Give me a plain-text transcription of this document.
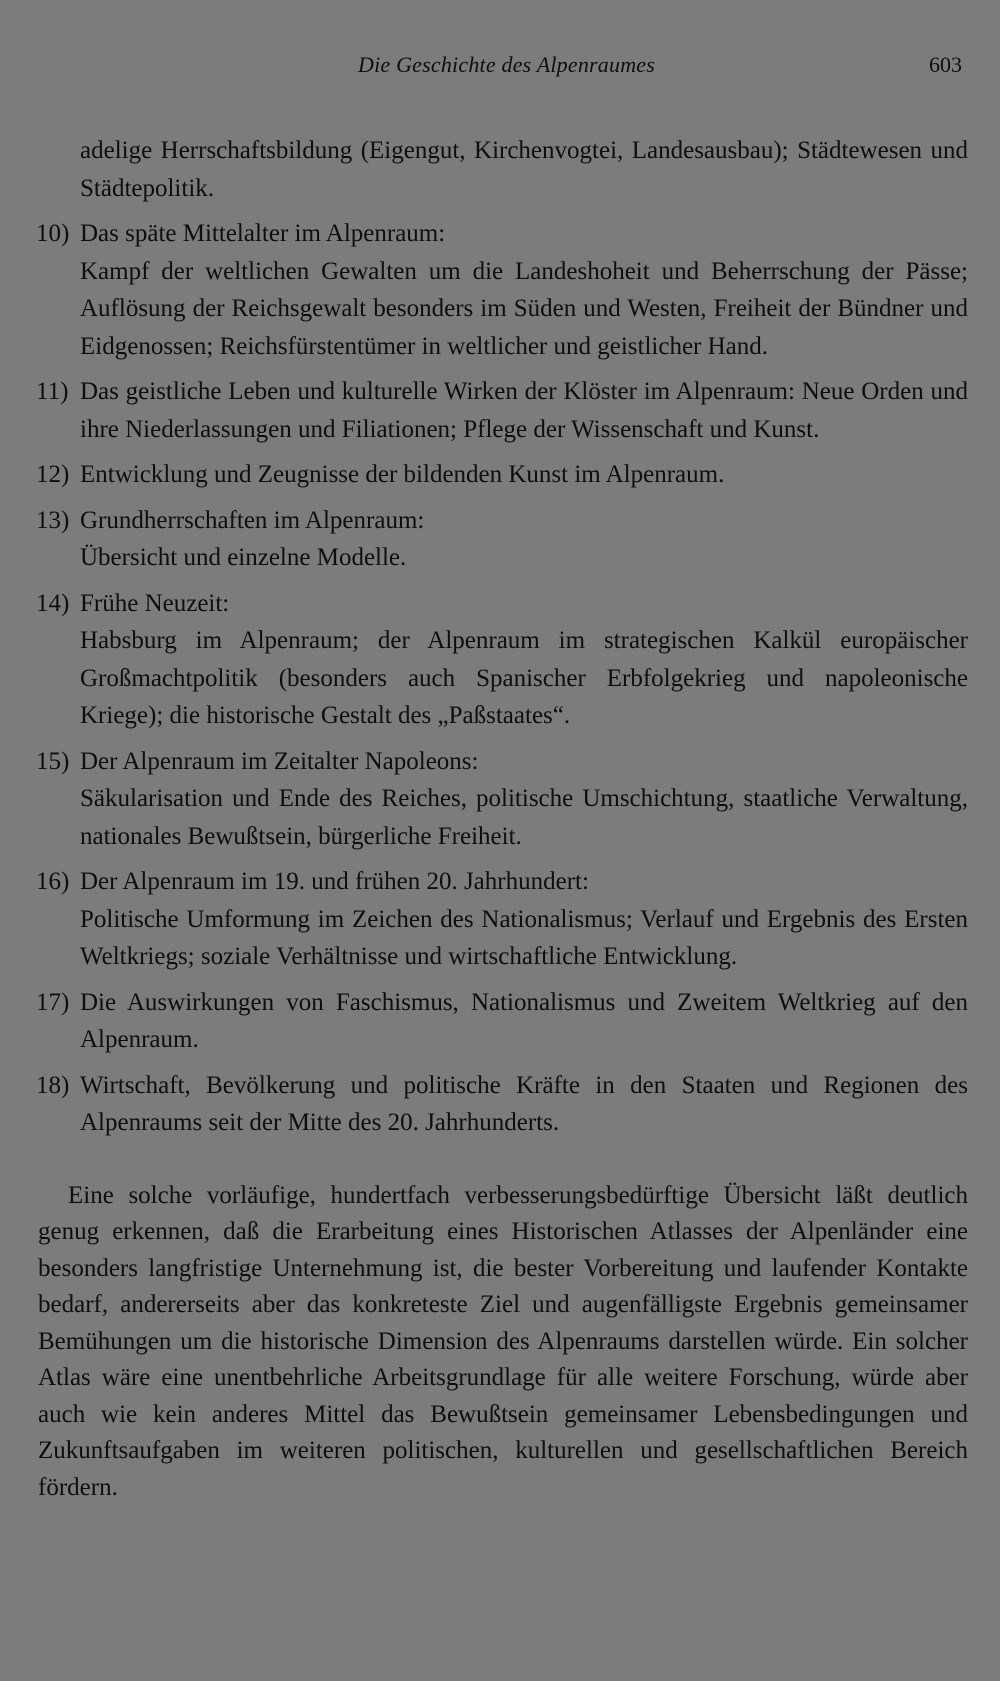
Die Geschichte des Alpenraumes	603

adelige Herrschaftsbildung (Eigengut, Kirchenvogtei, Landesausbau); Städtewesen und Städtepolitik.

10) Das späte Mittelalter im Alpenraum:
Kampf der weltlichen Gewalten um die Landeshoheit und Beherrschung der Pässe; Auflösung der Reichsgewalt besonders im Süden und Westen, Freiheit der Bündner und Eidgenossen; Reichsfürstentümer in weltlicher und geistlicher Hand.
11) Das geistliche Leben und kulturelle Wirken der Klöster im Alpenraum: Neue Orden und ihre Niederlassungen und Filiationen; Pflege der Wissenschaft und Kunst.
12) Entwicklung und Zeugnisse der bildenden Kunst im Alpenraum.
13) Grundherrschaften im Alpenraum:
Übersicht und einzelne Modelle.
14) Frühe Neuzeit:
Habsburg im Alpenraum; der Alpenraum im strategischen Kalkül europäischer Großmachtpolitik (besonders auch Spanischer Erbfolgekrieg und napoleonische Kriege); die historische Gestalt des „Paßstaates“.
15) Der Alpenraum im Zeitalter Napoleons:
Säkularisation und Ende des Reiches, politische Umschichtung, staatliche Verwaltung, nationales Bewußtsein, bürgerliche Freiheit.
16) Der Alpenraum im 19. und frühen 20. Jahrhundert:
Politische Umformung im Zeichen des Nationalismus; Verlauf und Ergebnis des Ersten Weltkriegs; soziale Verhältnisse und wirtschaftliche Entwicklung.
17) Die Auswirkungen von Faschismus, Nationalismus und Zweitem Weltkrieg auf den Alpenraum.
18) Wirtschaft, Bevölkerung und politische Kräfte in den Staaten und Regionen des Alpenraums seit der Mitte des 20. Jahrhunderts.

Eine solche vorläufige, hundertfach verbesserungsbedürftige Übersicht läßt deutlich genug erkennen, daß die Erarbeitung eines Historischen Atlasses der Alpenländer eine besonders langfristige Unternehmung ist, die bester Vorbereitung und laufender Kontakte bedarf, andererseits aber das konkreteste Ziel und augenfälligste Ergebnis gemeinsamer Bemühungen um die historische Dimension des Alpenraums darstellen würde. Ein solcher Atlas wäre eine unentbehrliche Arbeitsgrundlage für alle weitere Forschung, würde aber auch wie kein anderes Mittel das Bewußtsein gemeinsamer Lebensbedingungen und Zukunftsaufgaben im weiteren politischen, kulturellen und gesellschaftlichen Bereich fördern.
